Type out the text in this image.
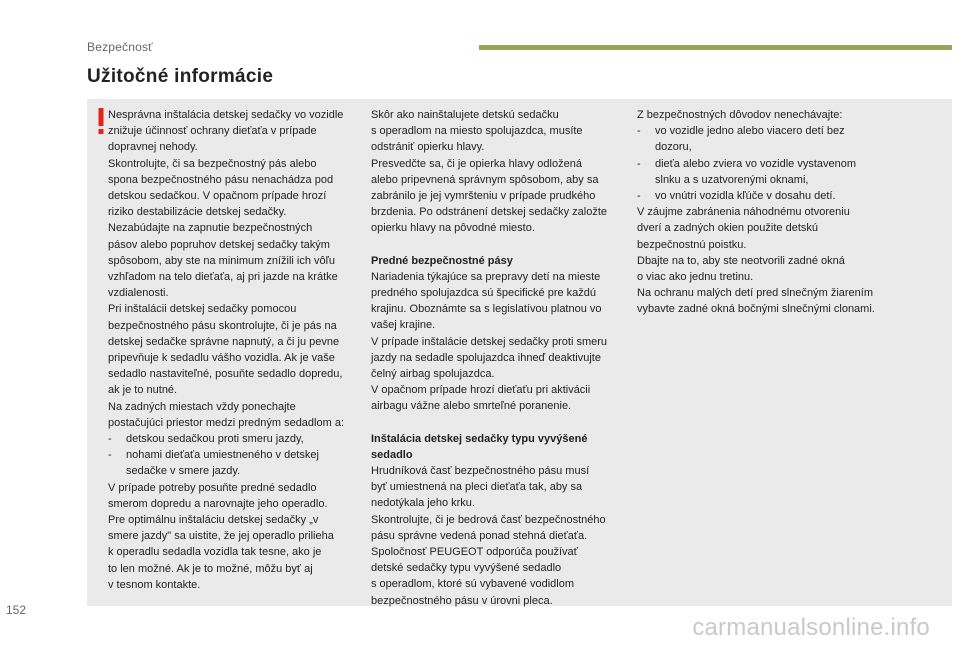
Bezpečnosť
Užitočné informácie

Nesprávna inštalácia detskej sedačky vo vozidle
znižuje účinnosť ochrany dieťaťa v prípade
dopravnej nehody.
Skontrolujte, či sa bezpečnostný pás alebo
spona bezpečnostného pásu nenachádza pod
detskou sedačkou. V opačnom prípade hrozí
riziko destabilizácie detskej sedačky.
Nezabúdajte na zapnutie bezpečnostných
pásov alebo popruhov detskej sedačky takým
spôsobom, aby ste na minimum znížili ich vôľu
vzhľadom na telo dieťaťa, aj pri jazde na krátke
vzdialenosti.
Pri inštalácii detskej sedačky pomocou
bezpečnostného pásu skontrolujte, či je pás na
detskej sedačke správne napnutý, a či ju pevne
pripevňuje k sedadlu vášho vozidla. Ak je vaše
sedadlo nastaviteľné, posuňte sedadlo dopredu,
ak je to nutné.
Na zadných miestach vždy ponechajte
postačujúci priestor medzi predným sedadlom a:

-	detskou sedačkou proti smeru jazdy,
-	nohami dieťaťa umiestneného v detskej
sedačke v smere jazdy.

V prípade potreby posuňte predné sedadlo
smerom dopredu a narovnajte jeho operadlo.
Pre optimálnu inštaláciu detskej sedačky „v
smere jazdy" sa uistite, že jej operadlo prilieha
k operadlu sedadla vozidla tak tesne, ako je
to len možné. Ak je to možné, môžu byť aj
v tesnom kontakte.

Skôr ako nainštalujete detskú sedačku
s operadlom na miesto spolujazdca, musíte
odstrániť opierku hlavy.
Presvedčte sa, či je opierka hlavy odložená
alebo pripevnená správnym spôsobom, aby sa
zabránilo je jej vymršteniu v prípade prudkého
brzdenia. Po odstránení detskej sedačky založte
opierku hlavy na pôvodné miesto.

Predné bezpečnostné pásy

Nariadenia týkajúce sa prepravy detí na mieste
predného spolujazdca sú špecifické pre každú
krajinu. Oboznámte sa s legislatívou platnou vo
vašej krajine.
V prípade inštalácie detskej sedačky proti smeru
jazdy na sedadle spolujazdca ihneď deaktivujte
čelný airbag spolujazdca.
V opačnom prípade hrozí dieťaťu pri aktivácii
airbagu vážne alebo smrteľné poranenie.

Inštalácia detskej sedačky typu vyvýšené
sedadlo

Hrudníková časť bezpečnostného pásu musí
byť umiestnená na pleci dieťaťa tak, aby sa
nedotýkala jeho krku.
Skontrolujte, či je bedrová časť bezpečnostného
pásu správne vedená ponad stehná dieťaťa.
Spoločnosť PEUGEOT odporúča používať
detské sedačky typu vyvýšené sedadlo
s operadlom, ktoré sú vybavené vodidlom
bezpečnostného pásu v úrovni pleca.

Z bezpečnostných dôvodov nenechávajte:

-	vo vozidle jedno alebo viacero detí bez
dozoru,
-	dieťa alebo zviera vo vozidle vystavenom
slnku a s uzatvorenými oknami,
-	vo vnútri vozidla kľúče v dosahu detí.

V záujme zabránenia náhodnému otvoreniu
dverí a zadných okien použite detskú
bezpečnostnú poistku.
Dbajte na to, aby ste neotvorili zadné okná
o viac ako jednu tretinu.
Na ochranu malých detí pred slnečným žiarením
vybavte zadné okná bočnými slnečnými clonami.

152
carmanualsonline.info
